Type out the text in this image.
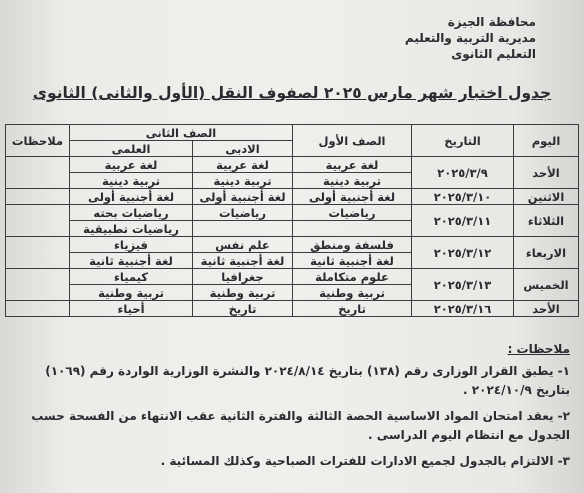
محافظة الجيزة
مديرية التربية والتعليم
التعليم الثانوى
جدول اختبار شهر مارس ٢٠٢٥ لصفوف النقل (الأول والثانى) الثانوى
اليوم	التاريخ	الصف الأول	الصف الثانى		ملاحظات
			الادبى	العلمى	
الأحد	٢٠٢٥/٣/٩	لغة عربية	لغة عربية	لغة عربية	
		تربية دينية	تربية دينية	تربية دينية	
الاثنين	٢٠٢٥/٣/١٠	لغة أجنبية أولى	لغة أجنبية أولى	لغة أجنبية أولى	
الثلاثاء	٢٠٢٥/٣/١١	رياضيات	رياضيات	رياضيات بحته	
				رياضيات تطبيقية	
الاربعاء	٢٠٢٥/٣/١٢	فلسفة ومنطق	علم نفس	فيزياء	
		لغة أجنبية ثانية	لغة أجنبية ثانية	لغة أجنبية ثانية	
الخميس	٢٠٢٥/٣/١٣	علوم متكاملة	جغرافيا	كيمياء	
		تربية وطنية	تربية وطنية	تربية وطنية	
الأحد	٢٠٢٥/٣/١٦	تاريخ	تاريخ	أحياء	
ملاحظات :
١- يطبق القرار الوزارى رقم (١٣٨) بتاريخ ٢٠٢٤/٨/١٤ والنشرة الوزارية الواردة رقم (١٠٦٩) بتاريخ ٢٠٢٤/١٠/٩ .
٢- يعقد امتحان المواد الاساسية الحصة الثالثة والفترة الثانية عقب الانتهاء من الفسحة حسب الجدول مع انتظام اليوم الدراسى .
٣- الالتزام بالجدول لجميع الادارات للفترات الصباحية وكذلك المسائية .
